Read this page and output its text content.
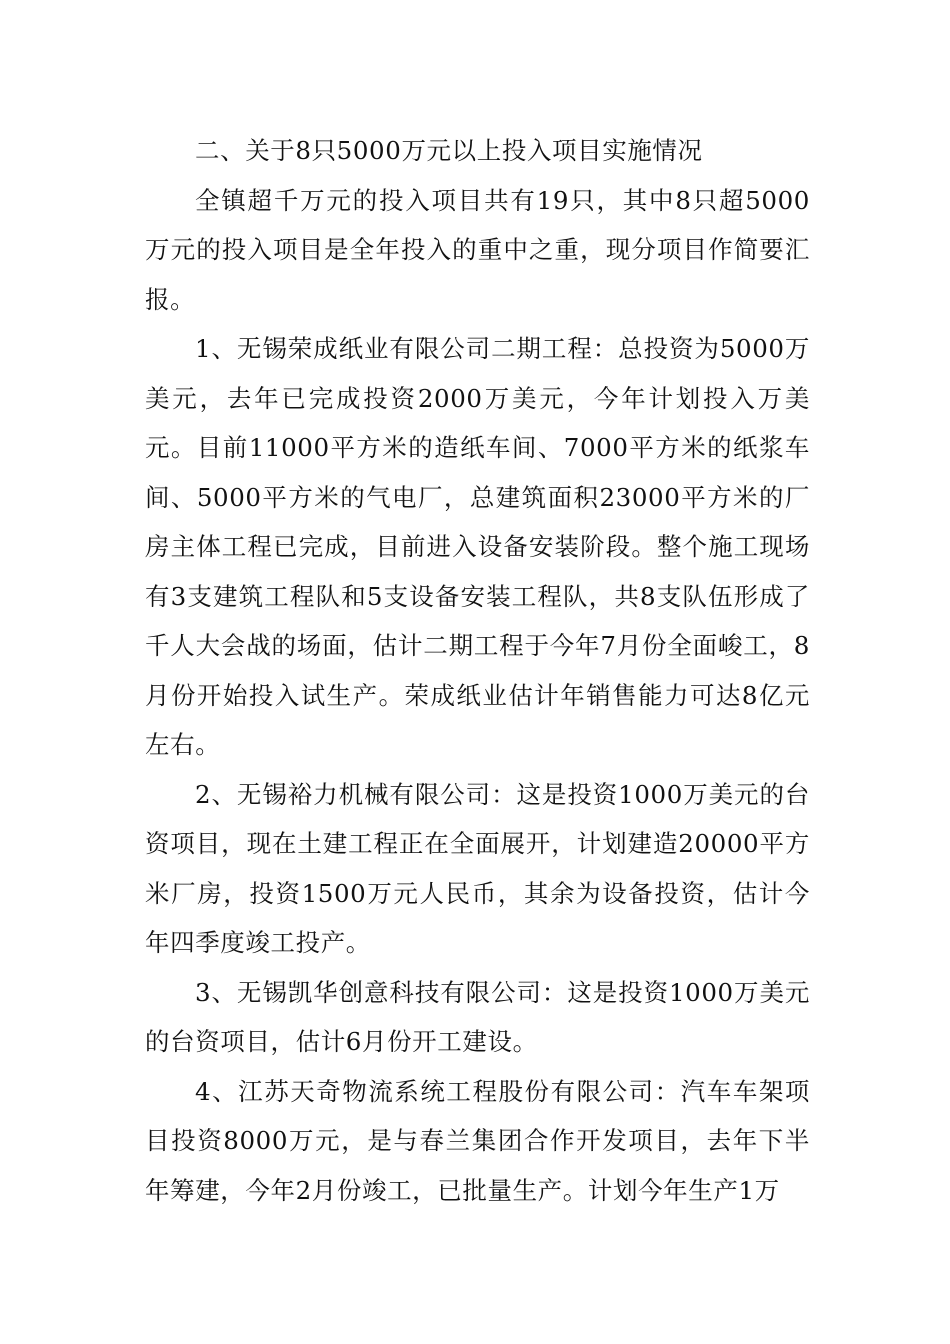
二、关于8只5000万元以上投入项目实施情况

全镇超千万元的投入项目共有19只，其中8只超5000万元的投入项目是全年投入的重中之重，现分项目作简要汇报。

1、无锡荣成纸业有限公司二期工程：总投资为5000万美元，去年已完成投资2000万美元，今年计划投入万美元。目前11000平方米的造纸车间、7000平方米的纸浆车间、5000平方米的气电厂，总建筑面积23000平方米的厂房主体工程已完成，目前进入设备安装阶段。整个施工现场有3支建筑工程队和5支设备安装工程队，共8支队伍形成了千人大会战的场面，估计二期工程于今年7月份全面峻工，8月份开始投入试生产。荣成纸业估计年销售能力可达8亿元左右。

2、无锡裕力机械有限公司：这是投资1000万美元的台资项目，现在土建工程正在全面展开，计划建造20000平方米厂房，投资1500万元人民币，其余为设备投资，估计今年四季度竣工投产。

3、无锡凯华创意科技有限公司：这是投资1000万美元的台资项目，估计6月份开工建设。

4、江苏天奇物流系统工程股份有限公司：汽车车架项目投资8000万元，是与春兰集团合作开发项目，去年下半年筹建，今年2月份竣工，已批量生产。计划今年生产1万
